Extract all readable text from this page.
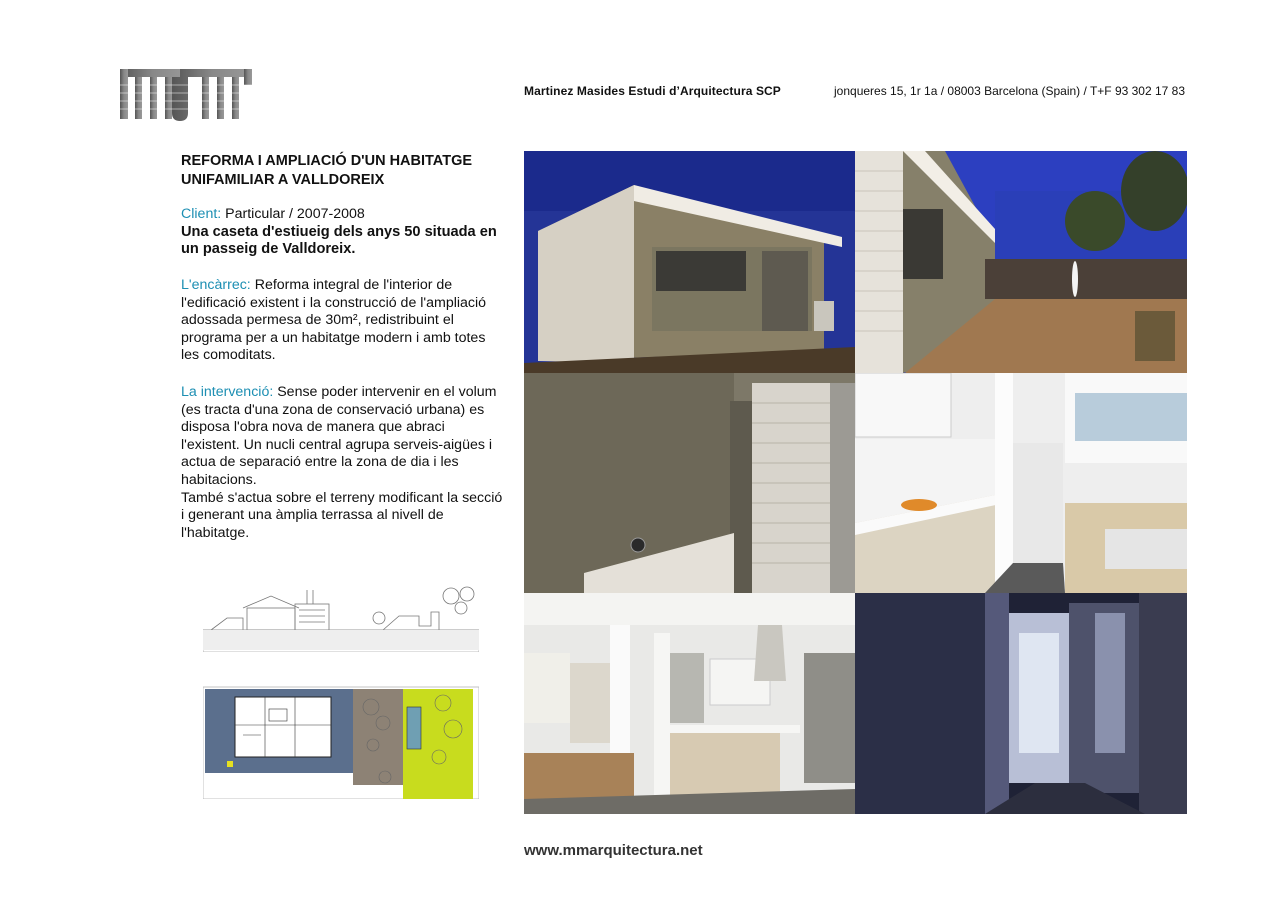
Martinez Masides Estudi d’Arquitectura SCP	jonqueres 15, 1r 1a / 08003 Barcelona (Spain) / T+F 93 302 17 83
REFORMA I AMPLIACIÓ D'UN HABITATGE
UNIFAMILIAR A VALLDOREIX

Client: Particular / 2007-2008

Una caseta d'estiueig dels anys 50 situada en un passeig de Valldoreix.

L'encàrrec: Reforma integral de l'interior de l'edificació existent i la construcció de l'ampliació adossada permesa de 30m², redistribuint el programa per a un habitatge modern i amb totes les comoditats.

La intervenció: Sense poder intervenir en el volum (es tracta d'una zona de conservació urbana) es disposa l'obra nova de manera que abraci l'existent. Un nucli central agrupa serveis-aigües i actua de separació entre la zona de dia i les habitacions.

També s'actua sobre el terreny modificant la secció i generant una àmplia terrassa al nivell de l'habitatge.

www.mmarquitectura.net
